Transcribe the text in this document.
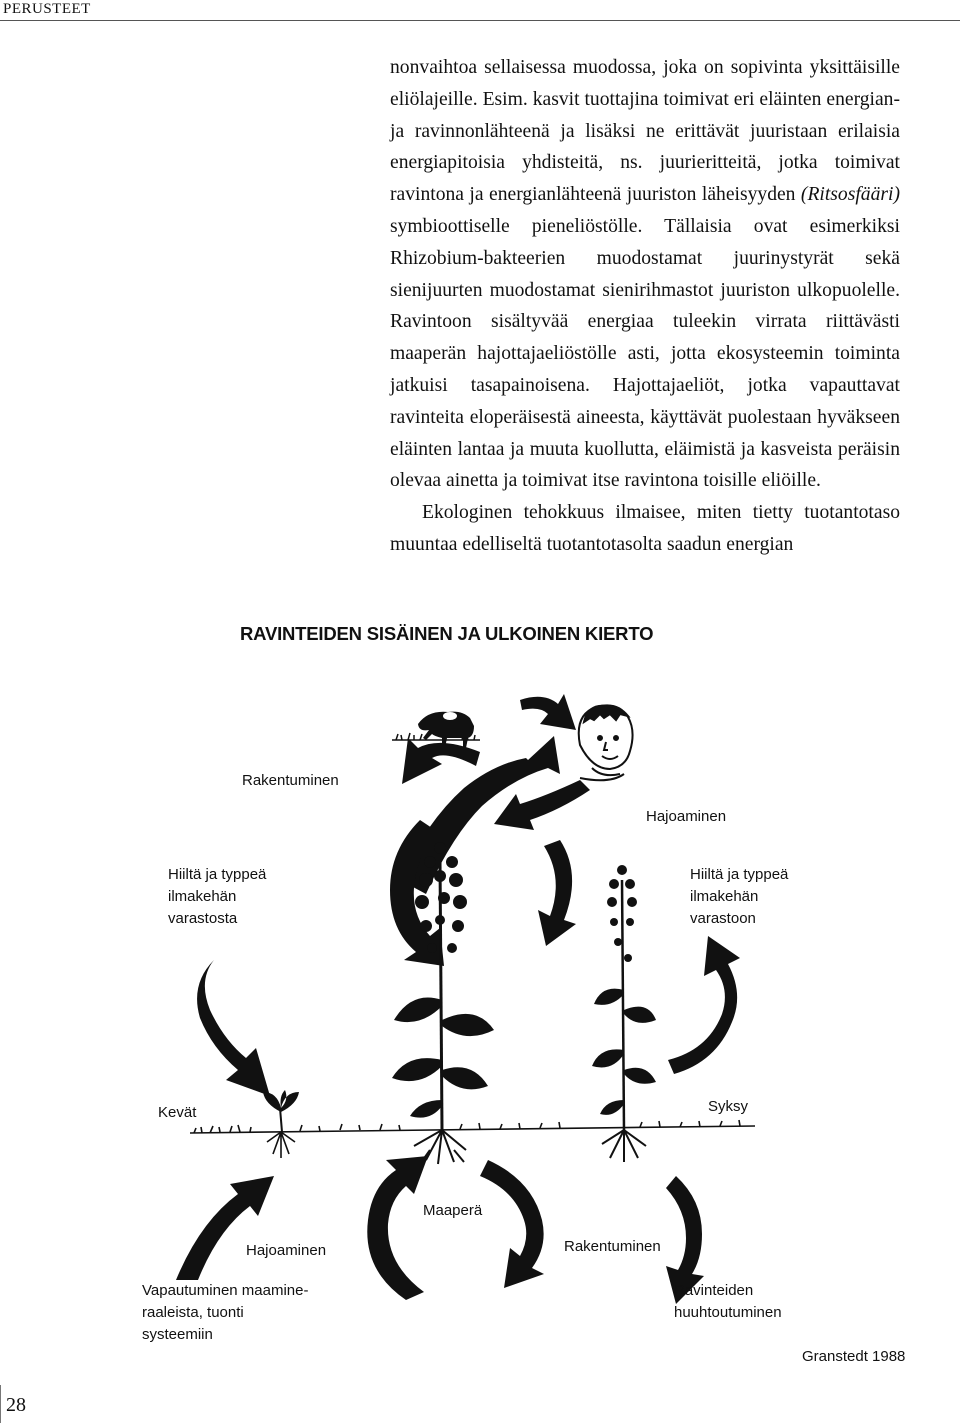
PERUSTEET

nonvaihtoa sellaisessa muodossa, joka on sopivinta yksittäisille eliölajeille. Esim. kasvit tuottajina toimivat eri eläinten energian- ja ravinnonlähteenä ja lisäksi ne erittävät juuristaan erilaisia energiapitoisia yhdisteitä, ns. juurieritteitä, jotka toimivat ravintona ja energianlähteenä juuriston läheisyyden (Ritsosfääri) symbioottiselle pieneliöstölle. Tällaisia ovat esimerkiksi Rhizobium-bakteerien muodostamat juurinystyrät sekä sienijuurten muodostamat sienirihmastot juuriston ulkopuolelle. Ravintoon sisältyvää energiaa tuleekin virrata riittävästi maaperän hajottajaeliöstölle asti, jotta ekosysteemin toiminta jatkuisi tasapainoisena. Hajottajaeliöt, jotka vapauttavat ravinteita eloperäisestä aineesta, käyttävät puolestaan hyväkseen eläinten lantaa ja muuta kuollutta, eläimistä ja kasveista peräisin olevaa ainetta ja toimivat itse ravintona toisille eliöille.

Ekologinen tehokkuus ilmaisee, miten tietty tuotantotaso muuntaa edelliseltä tuotantotasolta saadun energian

RAVINTEIDEN SISÄINEN JA ULKOINEN KIERTO
Rakentuminen
Hajoaminen
Hiiltä ja typpeä
ilmakehän
varastosta
Hiiltä ja typpeä
ilmakehän
varastoon
Kevät	Syksy
Maaperä
Hajoaminen	Rakentuminen
Vapautuminen maamine-
raaleista, tuonti
systeemiin
Ravinteiden
huuhtoutuminen
Granstedt 1988
28
